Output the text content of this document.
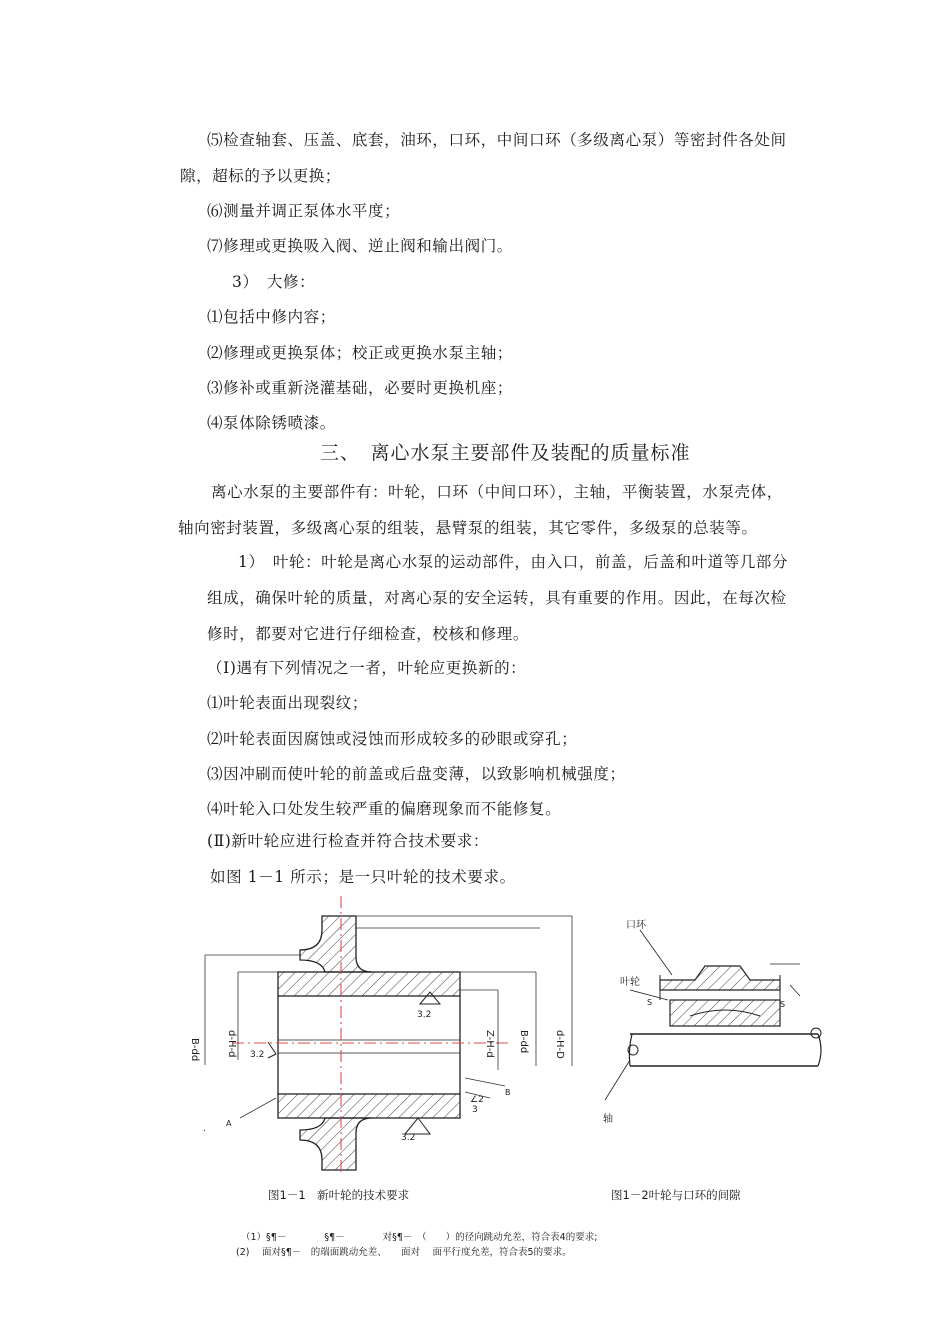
⑸检查轴套、压盖、底套，油环，口环，中间口环（多级离心泵）等密封件各处间
隙，超标的予以更换；
⑹测量并调正泵体水平度；
⑺修理或更换吸入阀、逆止阀和输出阀门。
3）　大修：
⑴包括中修内容；
⑵修理或更换泵体；校正或更换水泵主轴；
⑶修补或重新浇灌基础，必要时更换机座；
⑷泵体除锈喷漆。
三、　离心水泵主要部件及装配的质量标准
离心水泵的主要部件有：叶轮，口环（中间口环），主轴，平衡装置，水泵壳体，
轴向密封装置，多级离心泵的组装，悬臂泵的组装，其它零件，多级泵的总装等。
1）　叶轮：叶轮是离心水泵的运动部件，由入口，前盖，后盖和叶道等几部分
组成，确保叶轮的质量，对离心泵的安全运转，具有重要的作用。因此，在每次检
修时，都要对它进行仔细检查，校核和修理。
（Ⅰ)遇有下列情况之一者，叶轮应更换新的：
⑴叶轮表面出现裂纹；
⑵叶轮表面因腐蚀或浸蚀而形成较多的砂眼或穿孔；
⑶因冲刷而使叶轮的前盖或后盘变薄，以致影响机械强度；
⑷叶轮入口处发生较严重的偏磨现象而不能修复。
(Ⅱ)新叶轮应进行检查并符合技术要求：
如图 1－1 所示；是一只叶轮的技术要求。
B-dd	d-H-d	Z-H-d B-dd	d-H-D
3.2
3.2
3.2
A
B
.
∠2
3
口环
叶轮
轴
S	S
图1－1　新叶轮的技术要求	图1－2叶轮与口环的间隙
（1）§¶－　　　　§¶－　　　　对§¶－　（　　）的径向跳动允差，符合表4的要求;
(2)　 面对§¶－　的端面跳动允差、　　面对　 面平行度允差，符合表5的要求。
